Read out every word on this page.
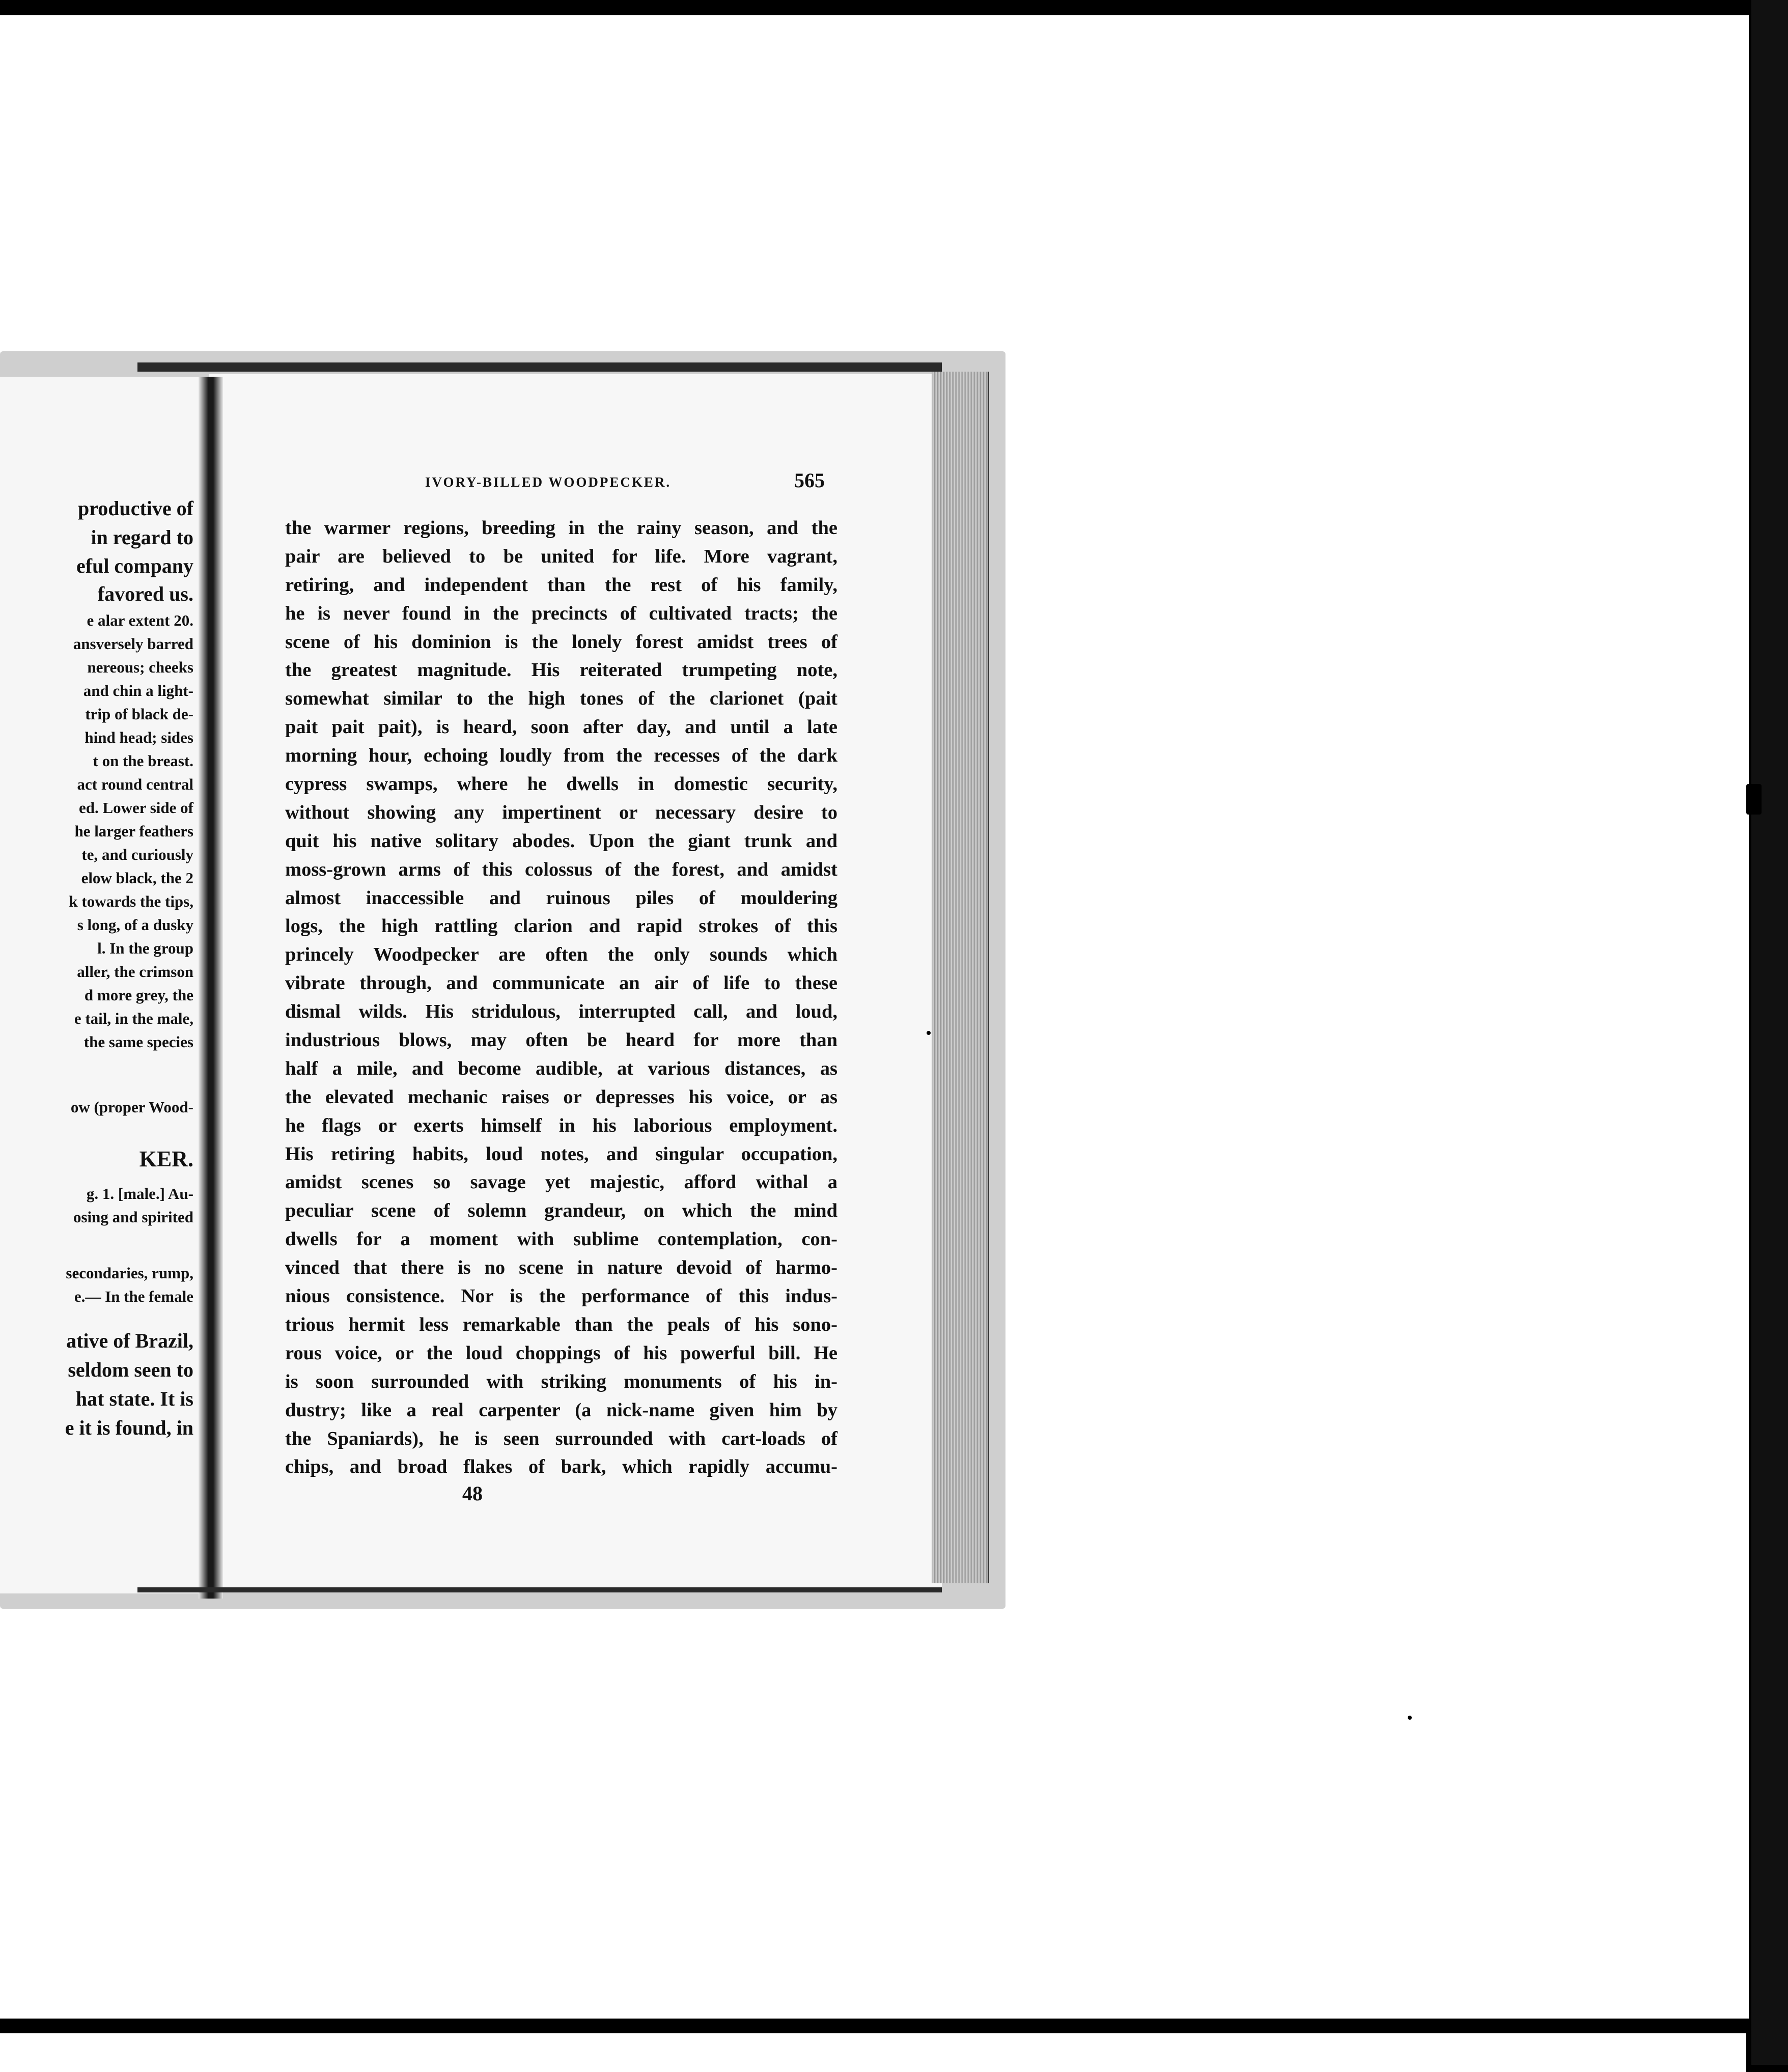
productive of
in regard to
eful company
favored us.
e alar extent 20.
ansversely barred
nereous; cheeks
and chin a light-
trip of black de-
hind head; sides
t on the breast.
act round central
ed. Lower side of
he larger feathers
te, and curiously
elow black, the 2
k towards the tips,
s long, of a dusky
l. In the group
aller, the crimson
d more grey, the
e tail, in the male,
the same species
ow (proper Wood-
KER.
g. 1. [male.] Au-
osing and spirited
secondaries, rump,
e.— In the female
ative of Brazil,
seldom seen to
hat state. It is
e it is found, in
IVORY-BILLED WOODPECKER.	565
the warmer regions, breeding in the rainy season, and the
pair are believed to be united for life. More vagrant,
retiring, and independent than the rest of his family,
he is never found in the precincts of cultivated tracts; the
scene of his dominion is the lonely forest amidst trees of
the greatest magnitude. His reiterated trumpeting note,
somewhat similar to the high tones of the clarionet (pait
pait pait pait), is heard, soon after day, and until a late
morning hour, echoing loudly from the recesses of the dark
cypress swamps, where he dwells in domestic security,
without showing any impertinent or necessary desire to
quit his native solitary abodes. Upon the giant trunk and
moss-grown arms of this colossus of the forest, and amidst
almost inaccessible and ruinous piles of mouldering
logs, the high rattling clarion and rapid strokes of this
princely Woodpecker are often the only sounds which
vibrate through, and communicate an air of life to these
dismal wilds. His stridulous, interrupted call, and loud,
industrious blows, may often be heard for more than
half a mile, and become audible, at various distances, as
the elevated mechanic raises or depresses his voice, or as
he flags or exerts himself in his laborious employment.
His retiring habits, loud notes, and singular occupation,
amidst scenes so savage yet majestic, afford withal a
peculiar scene of solemn grandeur, on which the mind
dwells for a moment with sublime contemplation, con-
vinced that there is no scene in nature devoid of harmo-
nious consistence. Nor is the performance of this indus-
trious hermit less remarkable than the peals of his sono-
rous voice, or the loud choppings of his powerful bill. He
is soon surrounded with striking monuments of his in-
dustry; like a real carpenter (a nick-name given him by
the Spaniards), he is seen surrounded with cart-loads of
chips, and broad flakes of bark, which rapidly accumu-
48
